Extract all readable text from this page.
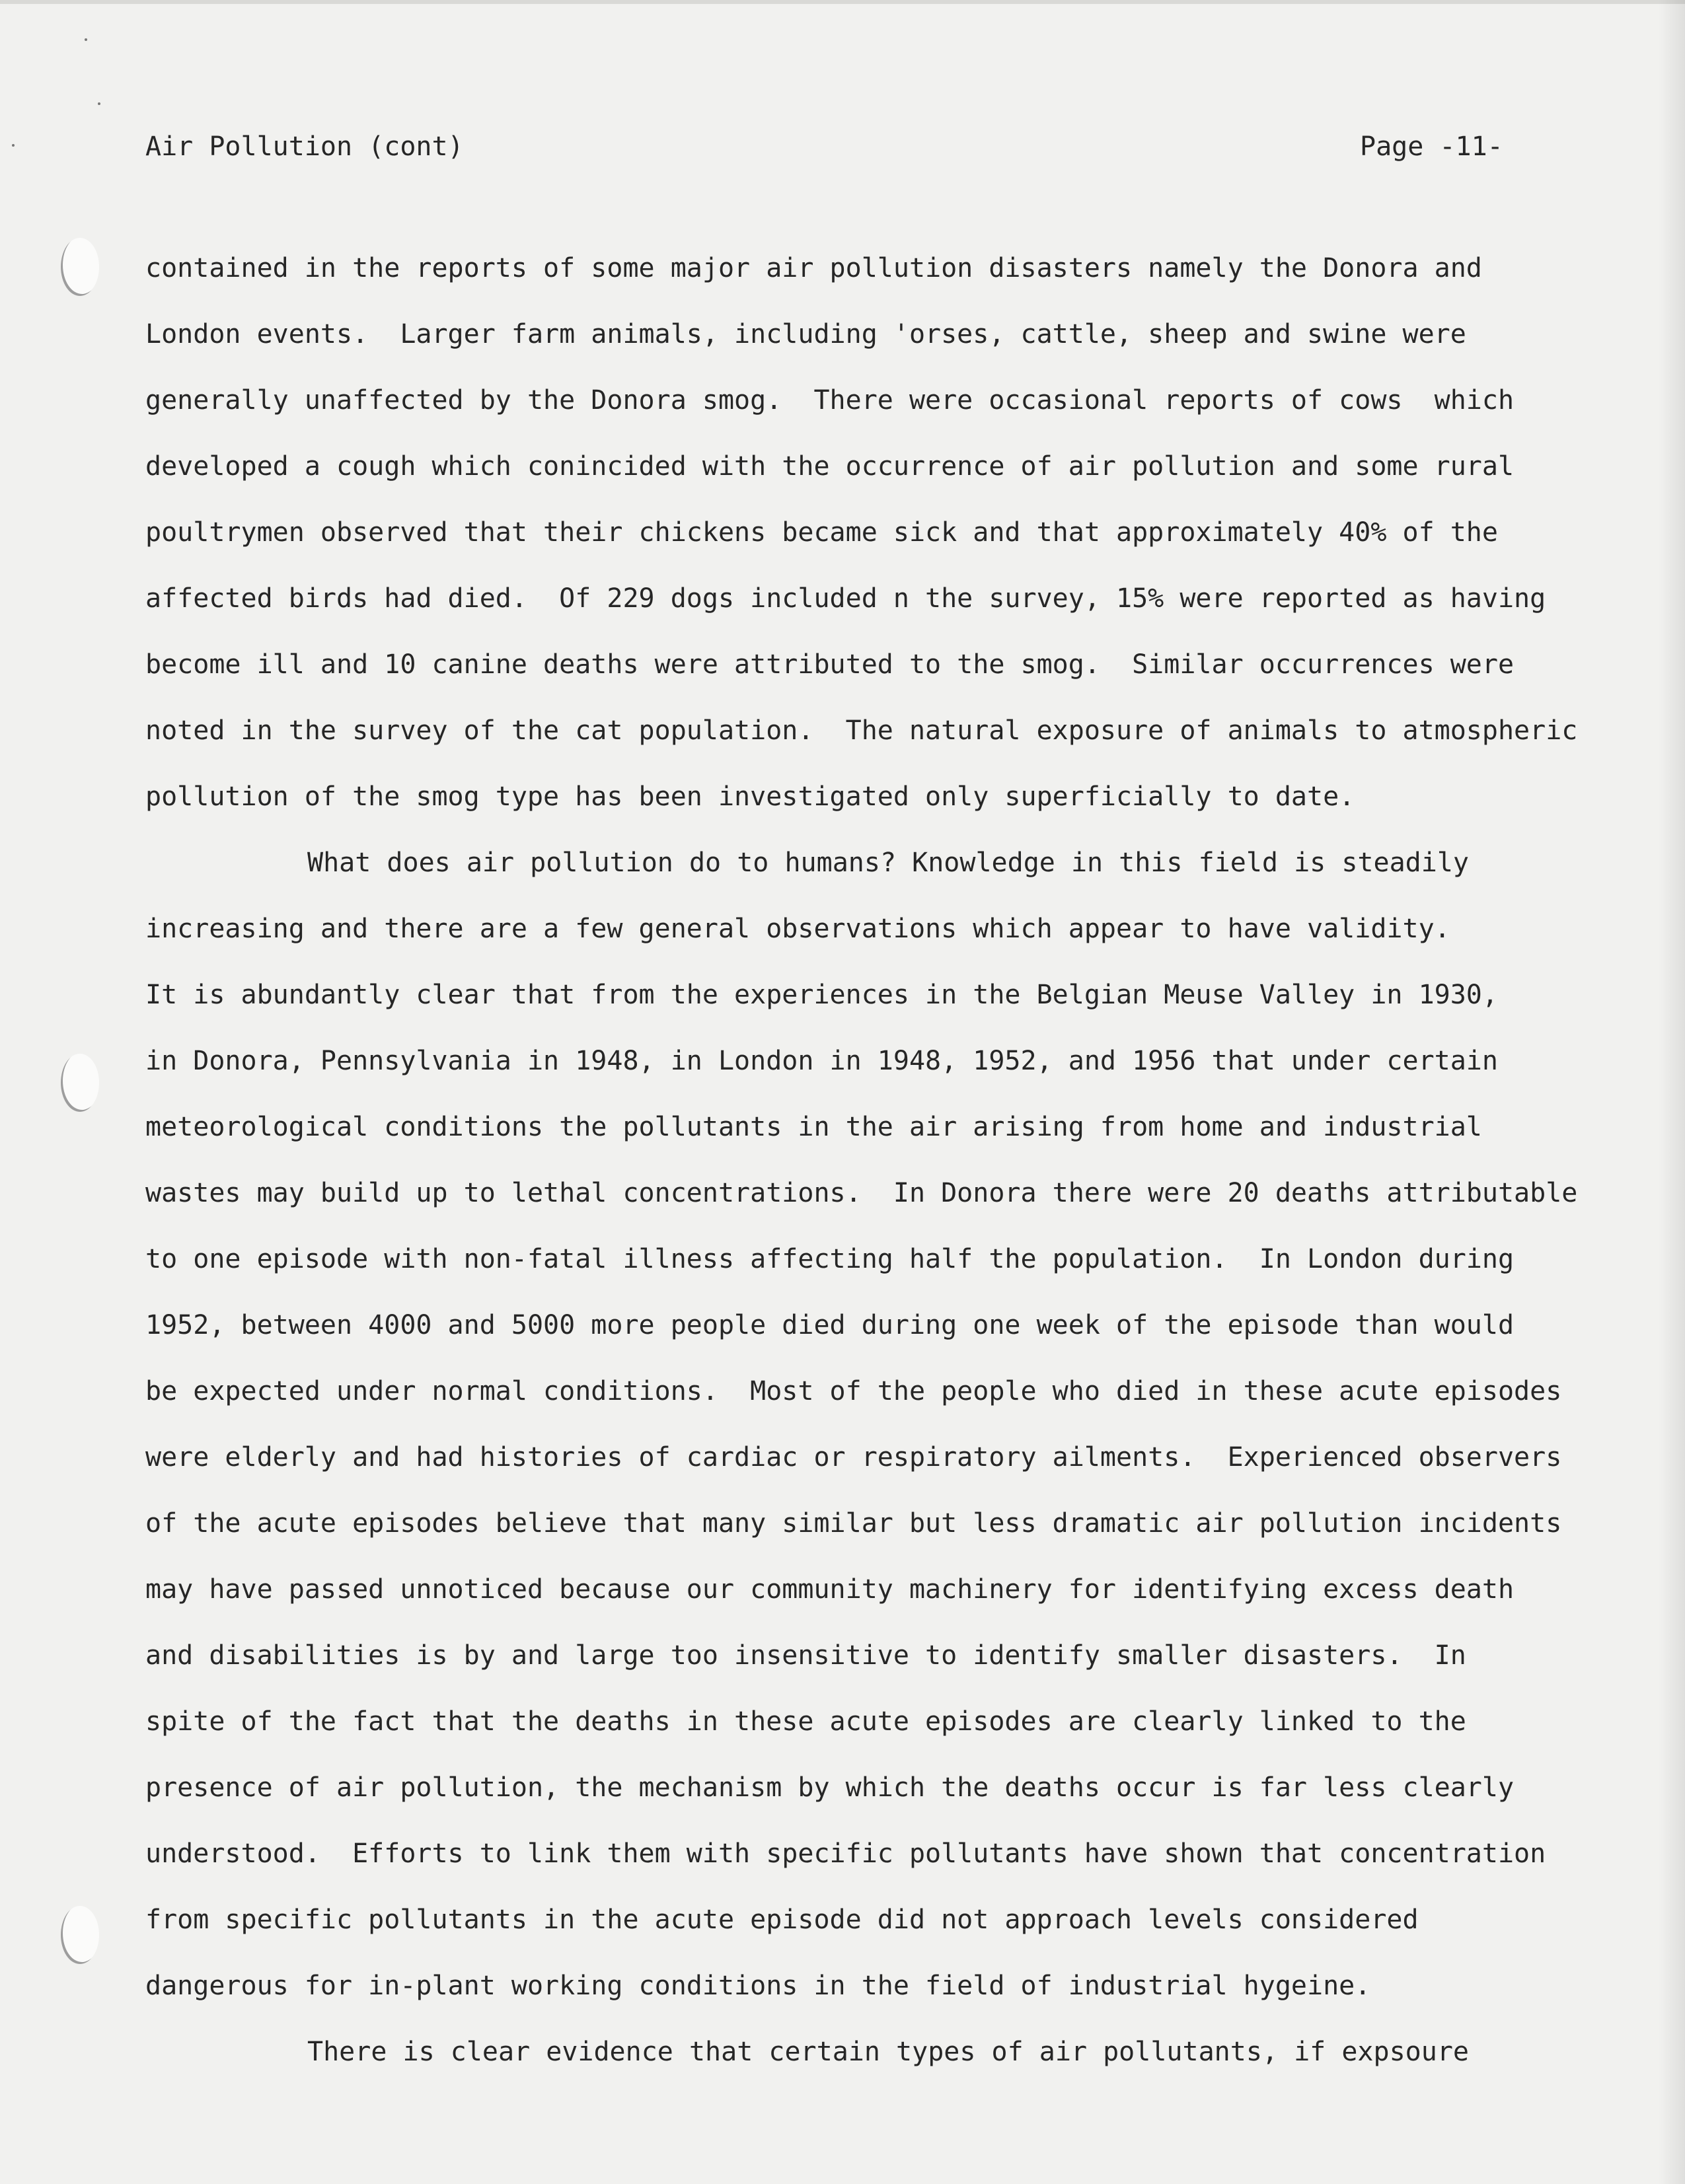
Air Pollution (cont)	Page -11-
contained in the reports of some major air pollution disasters namely the Donora and
London events.  Larger farm animals, including 'orses, cattle, sheep and swine were
generally unaffected by the Donora smog.  There were occasional reports of cows  which
developed a cough which conincided with the occurrence of air pollution and some rural
poultrymen observed that their chickens became sick and that approximately 40% of the
affected birds had died.  Of 229 dogs included n the survey, 15% were reported as having
become ill and 10 canine deaths were attributed to the smog.  Similar occurrences were
noted in the survey of the cat population.  The natural exposure of animals to atmospheric
pollution of the smog type has been investigated only superficially to date.
What does air pollution do to humans? Knowledge in this field is steadily
increasing and there are a few general observations which appear to have validity.
It is abundantly clear that from the experiences in the Belgian Meuse Valley in 1930,
in Donora, Pennsylvania in 1948, in London in 1948, 1952, and 1956 that under certain
meteorological conditions the pollutants in the air arising from home and industrial
wastes may build up to lethal concentrations.  In Donora there were 20 deaths attributable
to one episode with non-fatal illness affecting half the population.  In London during
1952, between 4000 and 5000 more people died during one week of the episode than would
be expected under normal conditions.  Most of the people who died in these acute episodes
were elderly and had histories of cardiac or respiratory ailments.  Experienced observers
of the acute episodes believe that many similar but less dramatic air pollution incidents
may have passed unnoticed because our community machinery for identifying excess death
and disabilities is by and large too insensitive to identify smaller disasters.  In
spite of the fact that the deaths in these acute episodes are clearly linked to the
presence of air pollution, the mechanism by which the deaths occur is far less clearly
understood.  Efforts to link them with specific pollutants have shown that concentration
from specific pollutants in the acute episode did not approach levels considered
dangerous for in-plant working conditions in the field of industrial hygeine.
There is clear evidence that certain types of air pollutants, if expsoure
